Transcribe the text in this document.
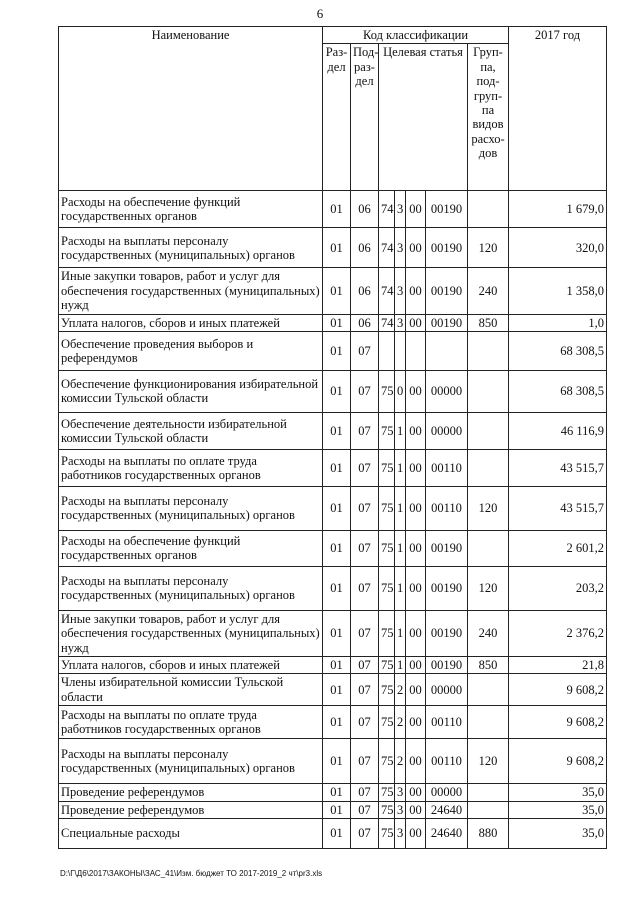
6
Наименование	Код классификации							2017 год
	Раз-дел	Под-раз-дел	Целевая статья				Груп-па, под-груп-па видов расхо-дов	
Расходы на обеспечение функций государственных органов	01	06	74	3	00	00190		1 679,0
Расходы на выплаты персоналу государственных (муниципальных) органов	01	06	74	3	00	00190	120	320,0
Иные закупки товаров, работ и услуг для обеспечения государственных (муниципальных) нужд	01	06	74	3	00	00190	240	1 358,0
Уплата налогов, сборов и иных платежей	01	06	74	3	00	00190	850	1,0
Обеспечение проведения выборов и референдумов	01	07						68 308,5
Обеспечение функционирования избирательной комиссии Тульской области	01	07	75	0	00	00000		68 308,5
Обеспечение деятельности избирательной комиссии Тульской области	01	07	75	1	00	00000		46 116,9
Расходы на выплаты по оплате труда работников государственных органов	01	07	75	1	00	00110		43 515,7
Расходы на выплаты персоналу государственных (муниципальных) органов	01	07	75	1	00	00110	120	43 515,7
Расходы на обеспечение функций государственных органов	01	07	75	1	00	00190		2 601,2
Расходы на выплаты персоналу государственных (муниципальных) органов	01	07	75	1	00	00190	120	203,2
Иные закупки товаров, работ и услуг для обеспечения государственных (муниципальных) нужд	01	07	75	1	00	00190	240	2 376,2
Уплата налогов, сборов и иных платежей	01	07	75	1	00	00190	850	21,8
Члены избирательной комиссии Тульской области	01	07	75	2	00	00000		9 608,2
Расходы на выплаты по оплате труда работников государственных органов	01	07	75	2	00	00110		9 608,2
Расходы на выплаты персоналу государственных (муниципальных) органов	01	07	75	2	00	00110	120	9 608,2
Проведение референдумов	01	07	75	3	00	00000		35,0
Проведение референдумов	01	07	75	3	00	24640		35,0
Специальные расходы	01	07	75	3	00	24640	880	35,0
D:\Г\Д6\2017\ЗАКОНЫ\ЗАС_41\Изм. бюджет ТО 2017-2019_2 чт\рr3.xls
